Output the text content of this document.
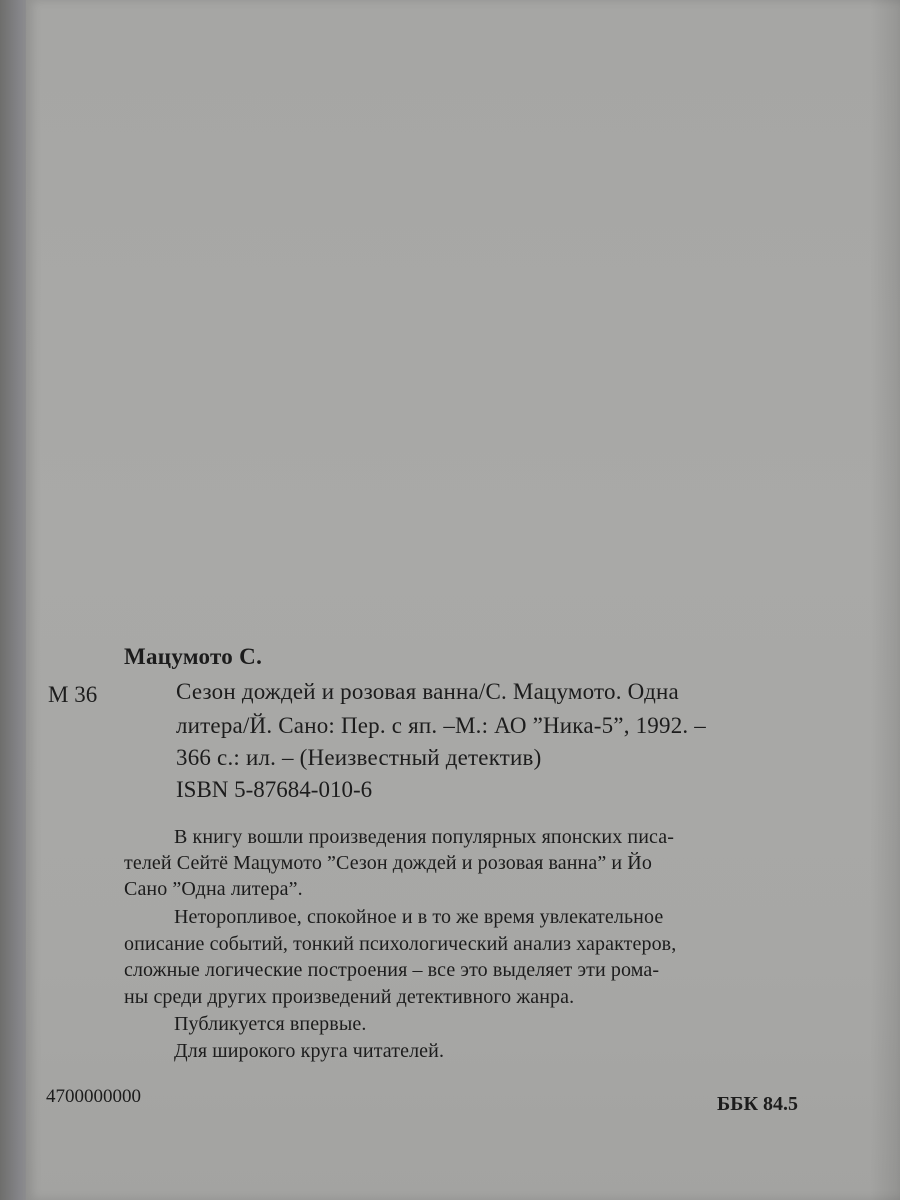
Мацумото С.
М 36	Сезон дождей и розовая ванна/С. Мацумото. Одна
литера/Й. Сано: Пер. с яп. –М.: АО ”Ника-5”, 1992. –
366 с.: ил. – (Неизвестный детектив)
ISBN 5-87684-010-6
В книгу вошли произведения популярных японских писа-
телей Сейтё Мацумото ”Сезон дождей и розовая ванна” и Йо
Сано ”Одна литера”.
Неторопливое, спокойное и в то же время увлекательное
описание событий, тонкий психологический анализ характеров,
сложные логические построения – все это выделяет эти рома-
ны среди других произведений детективного жанра.
Публикуется впервые.
Для широкого круга читателей.
4700000000	ББК 84.5
